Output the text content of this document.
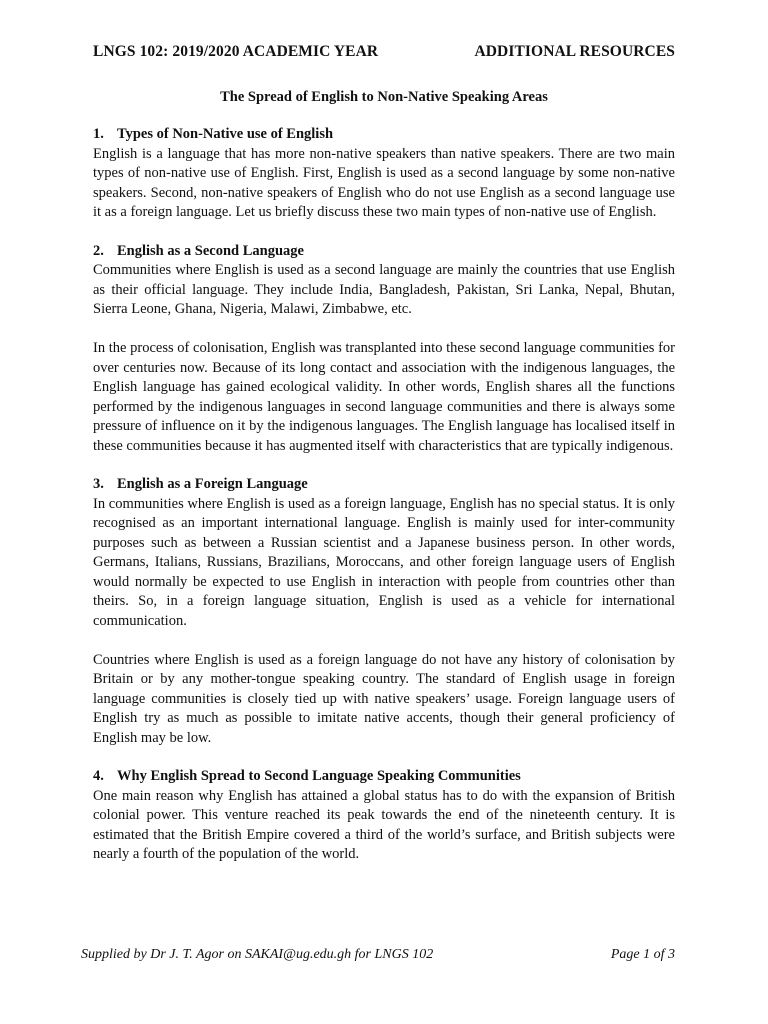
LNGS 102: 2019/2020 ACADEMIC YEAR	ADDITIONAL RESOURCES
The Spread of English to Non-Native Speaking Areas
1. Types of Non-Native use of English

English is a language that has more non-native speakers than native speakers. There are two main types of non-native use of English. First, English is used as a second language by some non-native speakers. Second, non-native speakers of English who do not use English as a second language use it as a foreign language. Let us briefly discuss these two main types of non-native use of English.

2. English as a Second Language

Communities where English is used as a second language are mainly the countries that use English as their official language. They include India, Bangladesh, Pakistan, Sri Lanka, Nepal, Bhutan, Sierra Leone, Ghana, Nigeria, Malawi, Zimbabwe, etc.

In the process of colonisation, English was transplanted into these second language communities for over centuries now. Because of its long contact and association with the indigenous languages, the English language has gained ecological validity. In other words, English shares all the functions performed by the indigenous languages in second language communities and there is always some pressure of influence on it by the indigenous languages. The English language has localised itself in these communities because it has augmented itself with characteristics that are typically indigenous.

3. English as a Foreign Language

In communities where English is used as a foreign language, English has no special status. It is only recognised as an important international language. English is mainly used for inter-community purposes such as between a Russian scientist and a Japanese business person. In other words, Germans, Italians, Russians, Brazilians, Moroccans, and other foreign language users of English would normally be expected to use English in interaction with people from countries other than theirs. So, in a foreign language situation, English is used as a vehicle for international communication.

Countries where English is used as a foreign language do not have any history of colonisation by Britain or by any mother-tongue speaking country. The standard of English usage in foreign language communities is closely tied up with native speakers’ usage. Foreign language users of English try as much as possible to imitate native accents, though their general proficiency of English may be low.

4. Why English Spread to Second Language Speaking Communities

One main reason why English has attained a global status has to do with the expansion of British colonial power. This venture reached its peak towards the end of the nineteenth century. It is estimated that the British Empire covered a third of the world’s surface, and British subjects were nearly a fourth of the population of the world.

Supplied by Dr J. T. Agor on SAKAI@ug.edu.gh for LNGS 102	Page 1 of 3
